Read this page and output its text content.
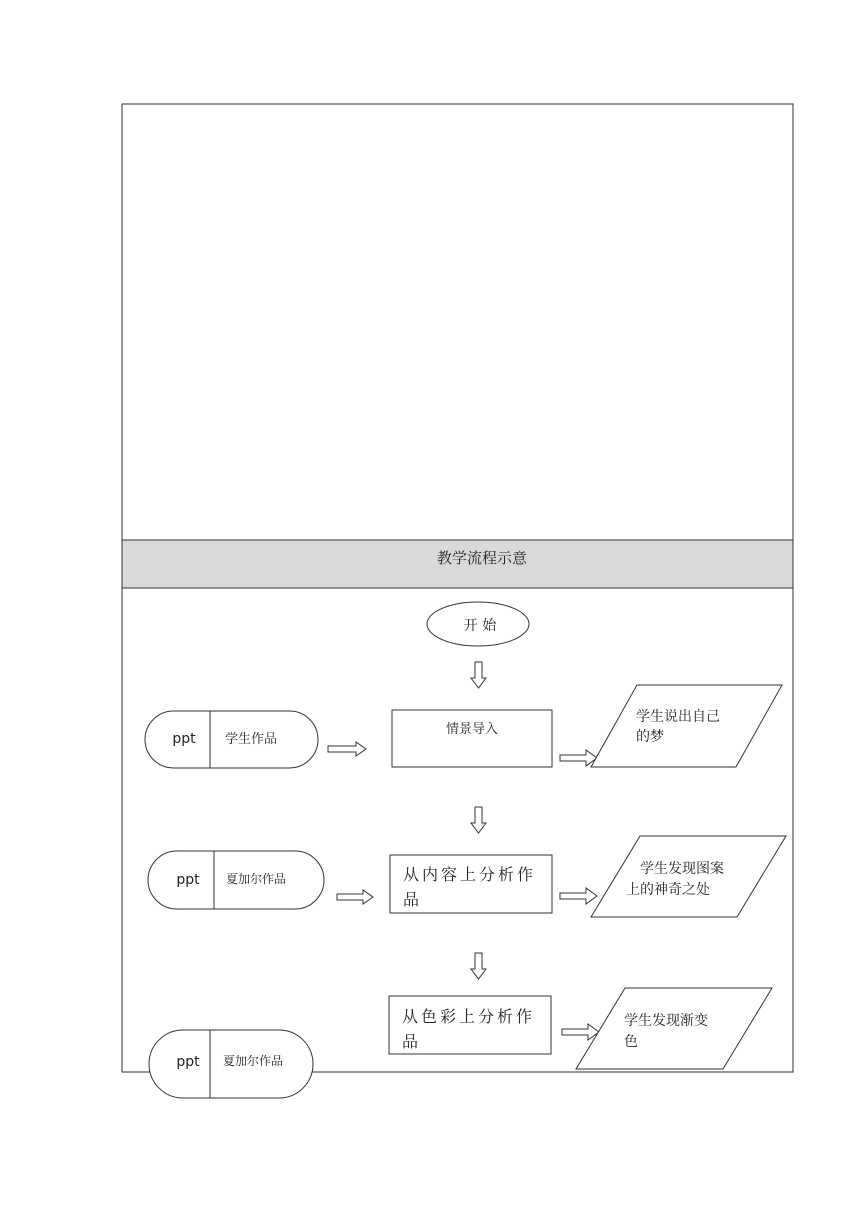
教学流程示意
开 始
ppt 学生作品
情景导入
学生说出自己
的梦
ppt 夏加尔作品	从内容上分析作
品
学生发现图案
上的神奇之处
ppt 夏加尔作品
从色彩上分析作
品
学生发现渐变
色
